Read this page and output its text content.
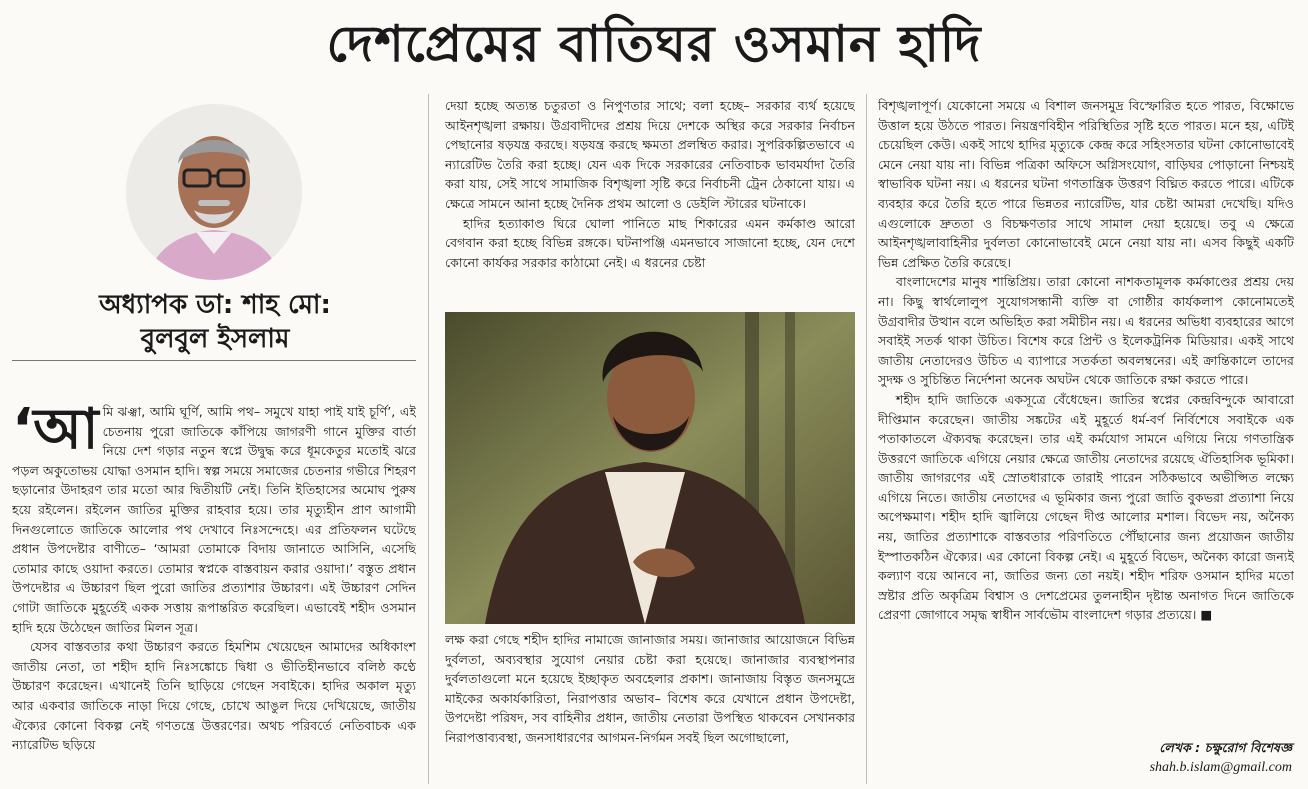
দেশপ্রেমের বাতিঘর ওসমান হাদি
অধ্যাপক ডা: শাহ মো:
বুলবুল ইসলাম

‘আমি ঝঞ্ঝা, আমি ঘূর্ণি, আমি পথ– সমুখে যাহা পাই যাই চূর্ণি’, এই চেতনায় পুরো জাতিকে কাঁপিয়ে জাগরণী গানে মুক্তির বার্তা নিয়ে দেশ গড়ার নতুন স্বপ্নে উদ্বুদ্ধ করে ধূমকেতুর মতোই ঝরে পড়ল অকুতোভয় যোদ্ধা ওসমান হাদি। স্বল্প সময়ে সমাজের চেতনার গভীরে শিহরণ ছড়ানোর উদাহরণ তার মতো আর দ্বিতীয়টি নেই। তিনি ইতিহাসের অমোঘ পুরুষ হয়ে রইলেন। রইলেন জাতির মুক্তির রাহবার হয়ে। তার মৃত্যুহীন প্রাণ আগামী দিনগুলোতে জাতিকে আলোর পথ দেখাবে নিঃসন্দেহে। এর প্রতিফলন ঘটেছে প্রধান উপদেষ্টার বাণীতে– ‘আমরা তোমাকে বিদায় জানাতে আসিনি, এসেছি তোমার কাছে ওয়াদা করতে। তোমার স্বপ্নকে বাস্তবায়ন করার ওয়াদা।’ বস্তুত প্রধান উপদেষ্টার এ উচ্চারণ ছিল পুরো জাতির প্রত্যাশার উচ্চারণ। এই উচ্চারণ সেদিন গোটা জাতিকে মুহূর্তেই একক সত্তায় রূপান্তরিত করেছিল। এভাবেই শহীদ ওসমান হাদি হয়ে উঠেছেন জাতির মিলন সূত্র।

যেসব বাস্তবতার কথা উচ্চারণ করতে হিমশিম খেয়েছেন আমাদের অধিকাংশ জাতীয় নেতা, তা শহীদ হাদি নিঃসঙ্কোচে দ্বিধা ও ভীতিহীনভাবে বলিষ্ঠ কণ্ঠে উচ্চারণ করেছেন। এখানেই তিনি ছাড়িয়ে গেছেন সবাইকে। হাদির অকাল মৃত্যু আর একবার জাতিকে নাড়া দিয়ে গেছে, চোখে আঙুল দিয়ে দেখিয়েছে, জাতীয় ঐক্যের কোনো বিকল্প নেই গণতন্ত্রে উত্তরণের। অথচ পরিবর্তে নেতিবাচক এক ন্যারেটিভ ছড়িয়ে

দেয়া হচ্ছে অত্যন্ত চতুরতা ও নিপুণতার সাথে; বলা হচ্ছে– সরকার ব্যর্থ হয়েছে আইনশৃঙ্খলা রক্ষায়। উগ্রবাদীদের প্রশ্রয় দিয়ে দেশকে অস্থির করে সরকার নির্বাচন পেছানোর ষড়যন্ত্র করছে। ষড়যন্ত্র করছে ক্ষমতা প্রলম্বিত করার। সুপরিকল্পিতভাবে এ ন্যারেটিভ তৈরি করা হচ্ছে। যেন এক দিকে সরকারের নেতিবাচক ভাবমর্যাদা তৈরি করা যায়, সেই সাথে সামাজিক বিশৃঙ্খলা সৃষ্টি করে নির্বাচনী ট্রেন ঠেকানো যায়। এ ক্ষেত্রে সামনে আনা হচ্ছে দৈনিক প্রথম আলো ও ডেইলি স্টারের ঘটনাকে।

হাদির হত্যাকাণ্ড ঘিরে ঘোলা পানিতে মাছ শিকারের এমন কর্মকাণ্ড আরো বেগবান করা হচ্ছে বিভিন্ন রঙ্গকে। ঘটনাপঞ্জি এমনভাবে সাজানো হচ্ছে, যেন দেশে কোনো কার্যকর সরকার কাঠামো নেই। এ ধরনের চেষ্টা

লক্ষ করা গেছে শহীদ হাদির নামাজে জানাজার সময়। জানাজার আয়োজনে বিভিন্ন দুর্বলতা, অব্যবস্থার সুযোগ নেয়ার চেষ্টা করা হয়েছে। জানাজার ব্যবস্থাপনার দুর্বলতাগুলো মনে হয়েছে ইচ্ছাকৃত অবহেলার প্রকাশ। জানাজায় বিস্তৃত জনসমুদ্রে মাইকের অকার্যকারিতা, নিরাপত্তার অভাব– বিশেষ করে যেখানে প্রধান উপদেষ্টা, উপদেষ্টা পরিষদ, সব বাহিনীর প্রধান, জাতীয় নেতারা উপস্থিত থাকবেন সেখানকার নিরাপত্তাব্যবস্থা, জনসাধারণের আগমন-নির্গমন সবই ছিল অগোছালো,

বিশৃঙ্খলাপূর্ণ। যেকোনো সময়ে এ বিশাল জনসমুদ্র বিস্ফোরিত হতে পারত, বিক্ষোভে উত্তাল হয়ে উঠতে পারত। নিয়ন্ত্রণবিহীন পরিস্থিতির সৃষ্টি হতে পারত। মনে হয়, এটিই চেয়েছিল কেউ। একই সাথে হাদির মৃত্যুকে কেন্দ্র করে সহিংসতার ঘটনা কোনোভাবেই মেনে নেয়া যায় না। বিভিন্ন পত্রিকা অফিসে অগ্নিসংযোগ, বাড়িঘর পোড়ানো নিশ্চয়ই স্বাভাবিক ঘটনা নয়। এ ধরনের ঘটনা গণতান্ত্রিক উত্তরণ বিঘ্নিত করতে পারে। এটিকে ব্যবহার করে তৈরি হতে পারে ভিন্নতর ন্যারেটিভ, যার চেষ্টা আমরা দেখেছি। যদিও এগুলোকে দ্রুততা ও বিচক্ষণতার সাথে সামাল দেয়া হয়েছে। তবু এ ক্ষেত্রে আইনশৃঙ্খলাবাহিনীর দুর্বলতা কোনোভাবেই মেনে নেয়া যায় না। এসব কিছুই একটি ভিন্ন প্রেক্ষিত তৈরি করেছে।

বাংলাদেশের মানুষ শান্তিপ্রিয়। তারা কোনো নাশকতামূলক কর্মকাণ্ডের প্রশ্রয় দেয় না। কিছু স্বার্থলোলুপ সুযোগসন্ধানী ব্যক্তি বা গোষ্ঠীর কার্যকলাপ কোনোমতেই উগ্রবাদীর উত্থান বলে অভিহিত করা সমীচীন নয়। এ ধরনের অভিধা ব্যবহারের আগে সবাইই সতর্ক থাকা উচিত। বিশেষ করে প্রিন্ট ও ইলেকট্রনিক মিডিয়ার। একই সাথে জাতীয় নেতাদেরও উচিত এ ব্যাপারে সতর্কতা অবলম্বনের। এই ক্রান্তিকালে তাদের সুদক্ষ ও সুচিন্তিত নির্দেশনা অনেক অঘটন থেকে জাতিকে রক্ষা করতে পারে।

শহীদ হাদি জাতিকে একসূত্রে বেঁধেছেন। জাতির স্বপ্নের কেন্দ্রবিন্দুকে আবারো দীপ্তিমান করেছেন। জাতীয় সঙ্কটের এই মুহূর্তে ধর্ম-বর্ণ নির্বিশেষে সবাইকে এক পতাকাতলে ঐক্যবদ্ধ করেছেন। তার এই কর্মযোগ সামনে এগিয়ে নিয়ে গণতান্ত্রিক উত্তরণে জাতিকে এগিয়ে নেয়ার ক্ষেত্রে জাতীয় নেতাদের রয়েছে ঐতিহাসিক ভূমিকা। জাতীয় জাগরণের এই স্রোতধারাকে তারাই পারেন সঠিকভাবে অভীপ্সিত লক্ষ্যে এগিয়ে নিতে। জাতীয় নেতাদের এ ভূমিকার জন্য পুরো জাতি বুকভরা প্রত্যাশা নিয়ে অপেক্ষমাণ। শহীদ হাদি জ্বালিয়ে গেছেন দীপ্ত আলোর মশাল। বিভেদ নয়, অনৈক্য নয়, জাতির প্রত্যাশাকে বাস্তবতার পরিণতিতে পৌঁছানোর জন্য প্রয়োজন জাতীয় ইস্পাতকঠিন ঐক্যের। এর কোনো বিকল্প নেই। এ মুহূর্তে বিভেদ, অনৈক্য কারো জন্যই কল্যাণ বয়ে আনবে না, জাতির জন্য তো নয়ই। শহীদ শরিফ ওসমান হাদির মতো স্রষ্টার প্রতি অকৃত্রিম বিশ্বাস ও দেশপ্রেমের তুলনাহীন দৃষ্টান্ত অনাগত দিনে জাতিকে প্রেরণা জোগাবে সমৃদ্ধ স্বাধীন সার্বভৌম বাংলাদেশ গড়ার প্রত্যয়ে। ■

লেখক : চক্ষুরোগ বিশেষজ্ঞ
shah.b.islam@gmail.com
